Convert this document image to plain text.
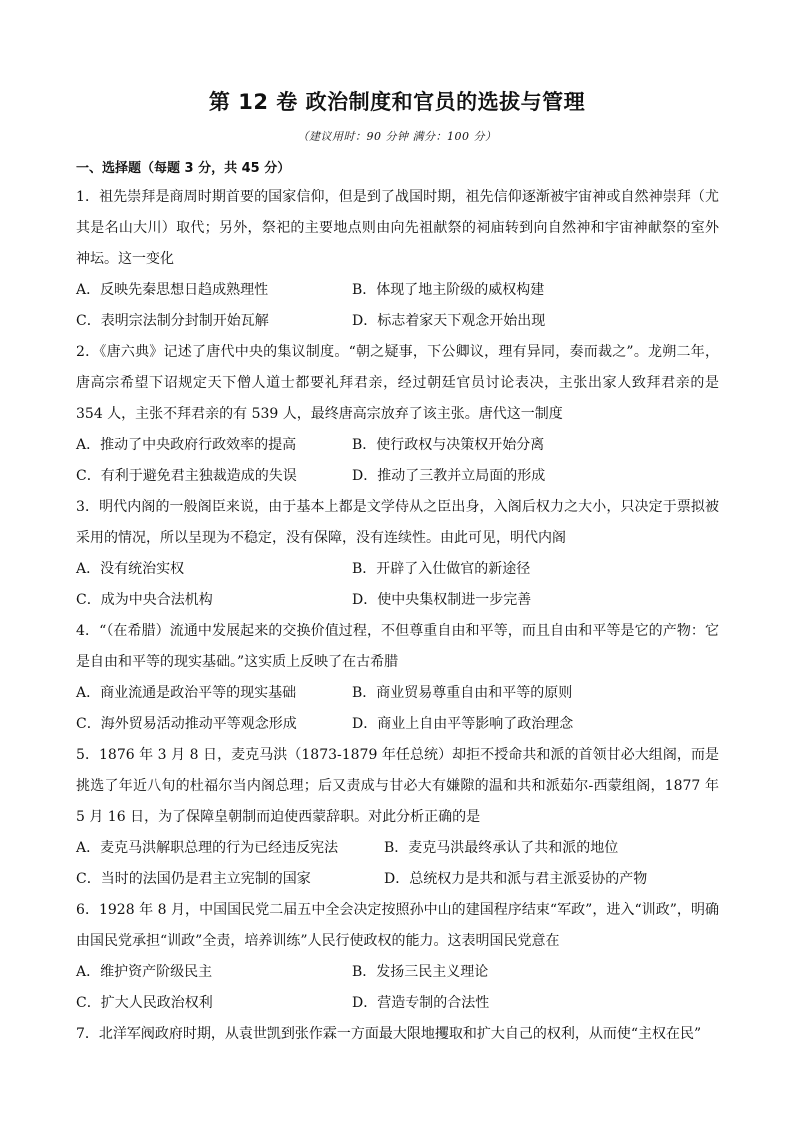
第 12 卷 政治制度和官员的选拔与管理
（建议用时：90 分钟 满分：100 分）
一、选择题（每题 3 分，共 45 分）

1．祖先崇拜是商周时期首要的国家信仰，但是到了战国时期，祖先信仰逐渐被宇宙神或自然神崇拜（尤其是名山大川）取代；另外，祭祀的主要地点则由向先祖献祭的祠庙转到向自然神和宇宙神献祭的室外神坛。这一变化

A．反映先秦思想日趋成熟理性	B．体现了地主阶级的威权构建
C．表明宗法制分封制开始瓦解	D．标志着家天下观念开始出现

2．《唐六典》记述了唐代中央的集议制度。“朝之疑事，下公卿议，理有异同，奏而裁之”。龙朔二年，唐高宗希望下诏规定天下僧人道士都要礼拜君亲，经过朝廷官员讨论表决，主张出家人致拜君亲的是 354 人，主张不拜君亲的有 539 人，最终唐高宗放弃了该主张。唐代这一制度

A．推动了中央政府行政效率的提高	B．使行政权与决策权开始分离
C．有利于避免君主独裁造成的失误	D．推动了三教并立局面的形成

3．明代内阁的一般阁臣来说，由于基本上都是文学侍从之臣出身，入阁后权力之大小，只决定于票拟被采用的情况，所以呈现为不稳定，没有保障，没有连续性。由此可见，明代内阁

A．没有统治实权	B．开辟了入仕做官的新途径
C．成为中央合法机构	D．使中央集权制进一步完善

4．“（在希腊）流通中发展起来的交换价值过程，不但尊重自由和平等，而且自由和平等是它的产物：它是自由和平等的现实基础。”这实质上反映了在古希腊

A．商业流通是政治平等的现实基础	B．商业贸易尊重自由和平等的原则
C．海外贸易活动推动平等观念形成	D．商业上自由平等影响了政治理念

5．1876 年 3 月 8 日，麦克马洪（1873-1879 年任总统）却拒不授命共和派的首领甘必大组阁，而是挑选了年近八旬的杜福尔当内阁总理；后又责成与甘必大有嫌隙的温和共和派茹尔-西蒙组阁，1877 年 5 月 16 日，为了保障皇朝制而迫使西蒙辞职。对此分析正确的是

A．麦克马洪解职总理的行为已经违反宪法	B．麦克马洪最终承认了共和派的地位
C．当时的法国仍是君主立宪制的国家	D．总统权力是共和派与君主派妥协的产物

6．1928 年 8 月，中国国民党二届五中全会决定按照孙中山的建国程序结束“军政”，进入“训政”，明确由国民党承担“训政”全责，培养训练”人民行使政权的能力。这表明国民党意在

A．维护资产阶级民主	B．发扬三民主义理论
C．扩大人民政治权利	D．营造专制的合法性

7．北洋军阀政府时期，从袁世凯到张作霖一方面最大限地攫取和扩大自己的权利，从而使“主权在民”
